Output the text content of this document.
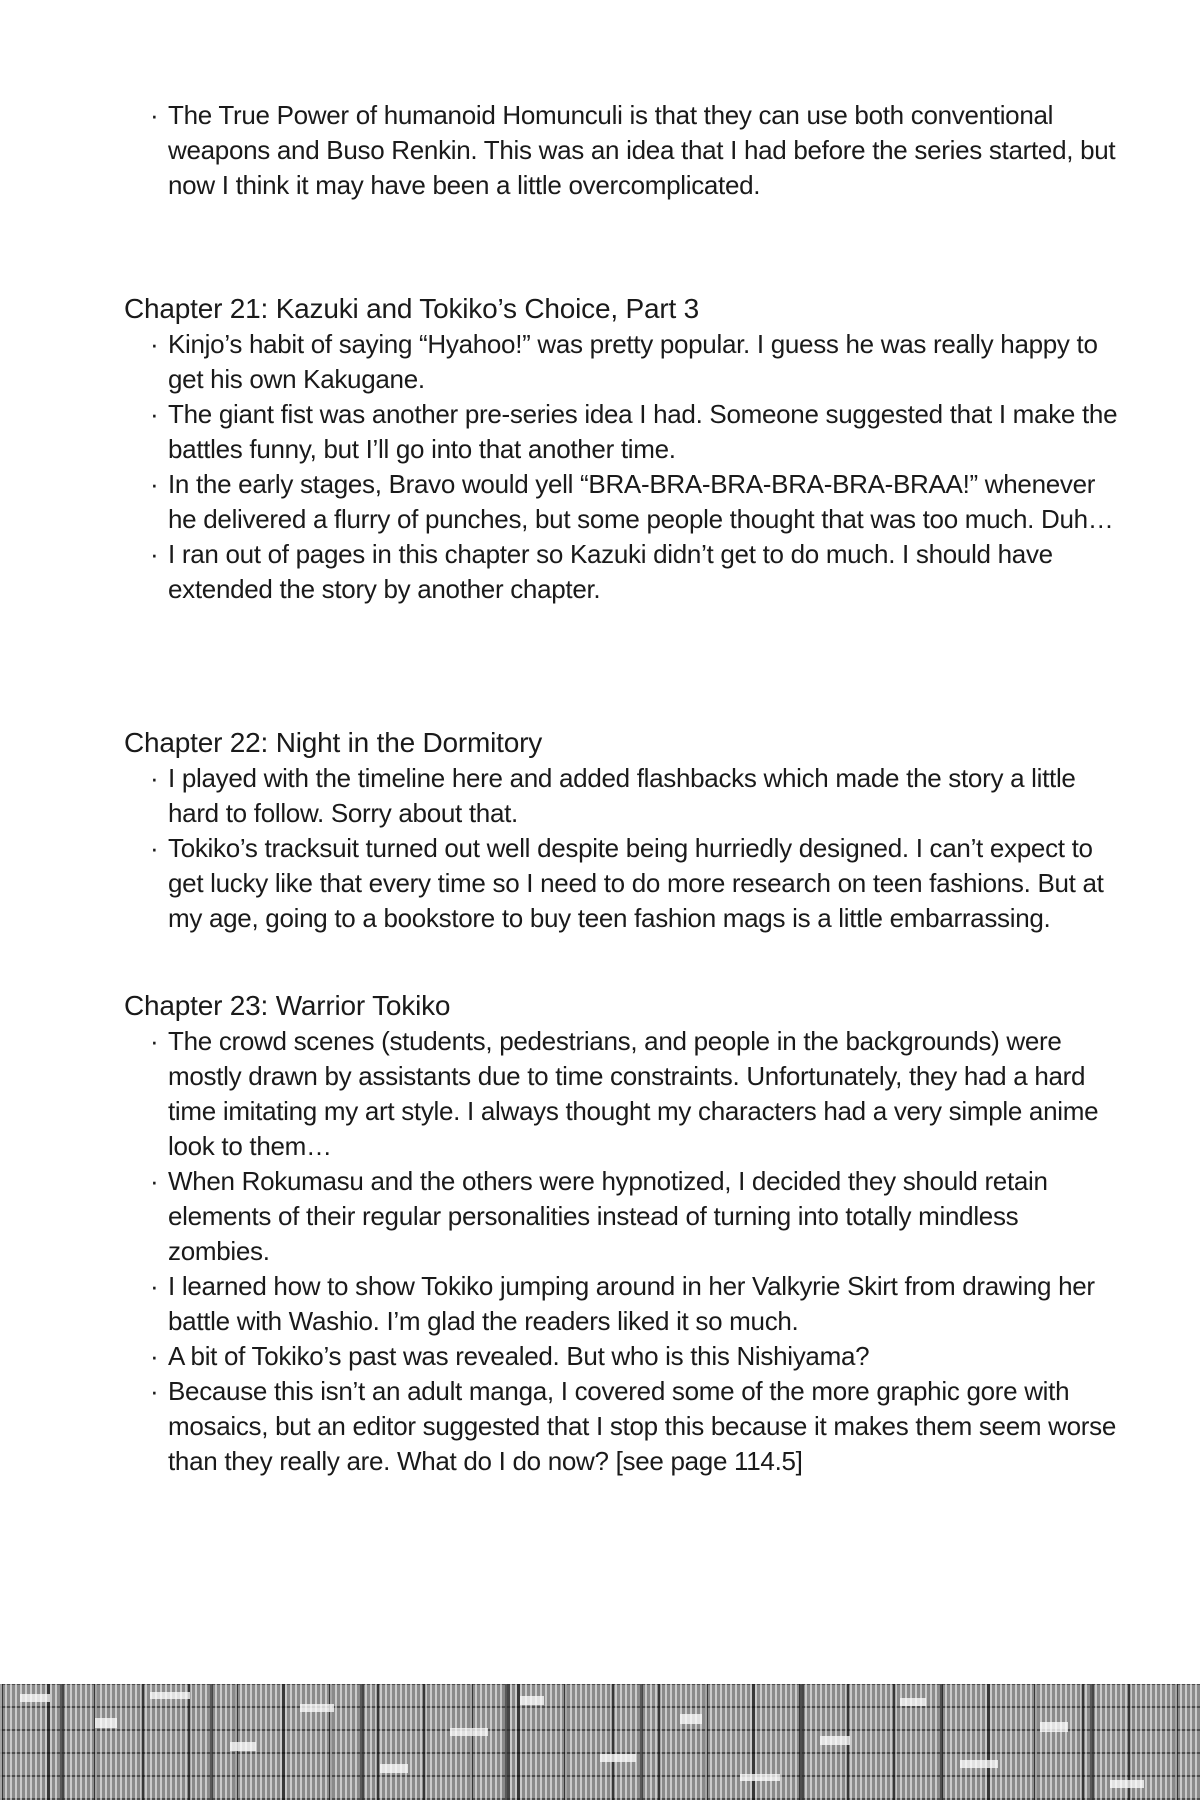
· The True Power of humanoid Homunculi is that they can use both conventional weapons and Buso Renkin. This was an idea that I had before the series started, but now I think it may have been a little overcomplicated.
Chapter 21: Kazuki and Tokiko’s Choice, Part 3
· Kinjo’s habit of saying “Hyahoo!” was pretty popular. I guess he was really happy to get his own Kakugane.
· The giant fist was another pre-series idea I had. Someone suggested that I make the battles funny, but I’ll go into that another time.
· In the early stages, Bravo would yell “BRA-BRA-BRA-BRA-BRA-BRAA!” whenever he delivered a flurry of punches, but some people thought that was too much. Duh…
· I ran out of pages in this chapter so Kazuki didn’t get to do much. I should have extended the story by another chapter.
Chapter 22: Night in the Dormitory
· I played with the timeline here and added flashbacks which made the story a little hard to follow. Sorry about that.
· Tokiko’s tracksuit turned out well despite being hurriedly designed. I can’t expect to get lucky like that every time so I need to do more research on teen fashions. But at my age, going to a bookstore to buy teen fashion mags is a little embarrassing.
Chapter 23: Warrior Tokiko
· The crowd scenes (students, pedestrians, and people in the backgrounds) were mostly drawn by assistants due to time constraints. Unfortunately, they had a hard time imitating my art style. I always thought my characters had a very simple anime look to them…
· When Rokumasu and the others were hypnotized, I decided they should retain elements of their regular personalities instead of turning into totally mindless zombies.
· I learned how to show Tokiko jumping around in her Valkyrie Skirt from drawing her battle with Washio. I’m glad the readers liked it so much.
· A bit of Tokiko’s past was revealed. But who is this Nishiyama?
· Because this isn’t an adult manga, I covered some of the more graphic gore with mosaics, but an editor suggested that I stop this because it makes them seem worse than they really are. What do I do now? [see page 114.5]
